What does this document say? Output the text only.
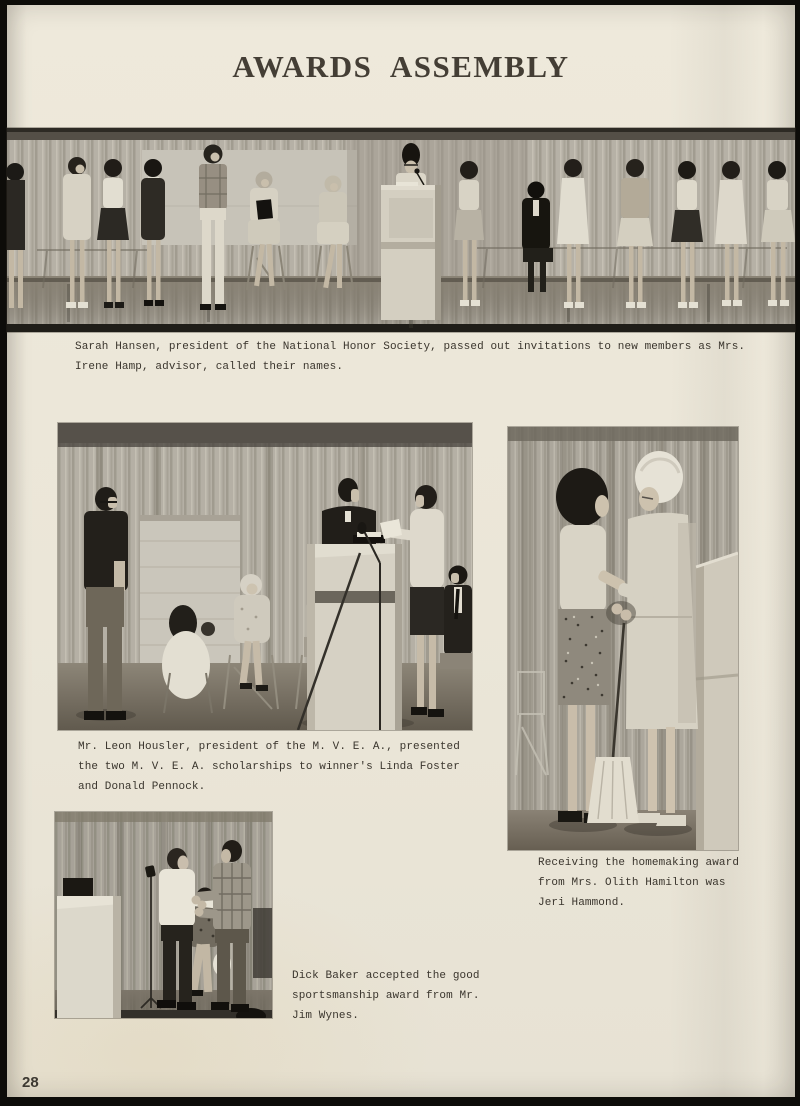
AWARDS ASSEMBLY
Sarah Hansen, president of the National Honor Society, passed out invitations to new members as Mrs. Irene Hamp, advisor, called their names.
Mr. Leon Housler, president of the M. V. E. A., presented the two M. V. E. A. scholarships to winner's Linda Foster and Donald Pennock.
Receiving the homemaking award from Mrs. Olith Hamilton was Jeri Hammond.
Dick Baker accepted the good sportsmanship award from Mr. Jim Wynes.
28
